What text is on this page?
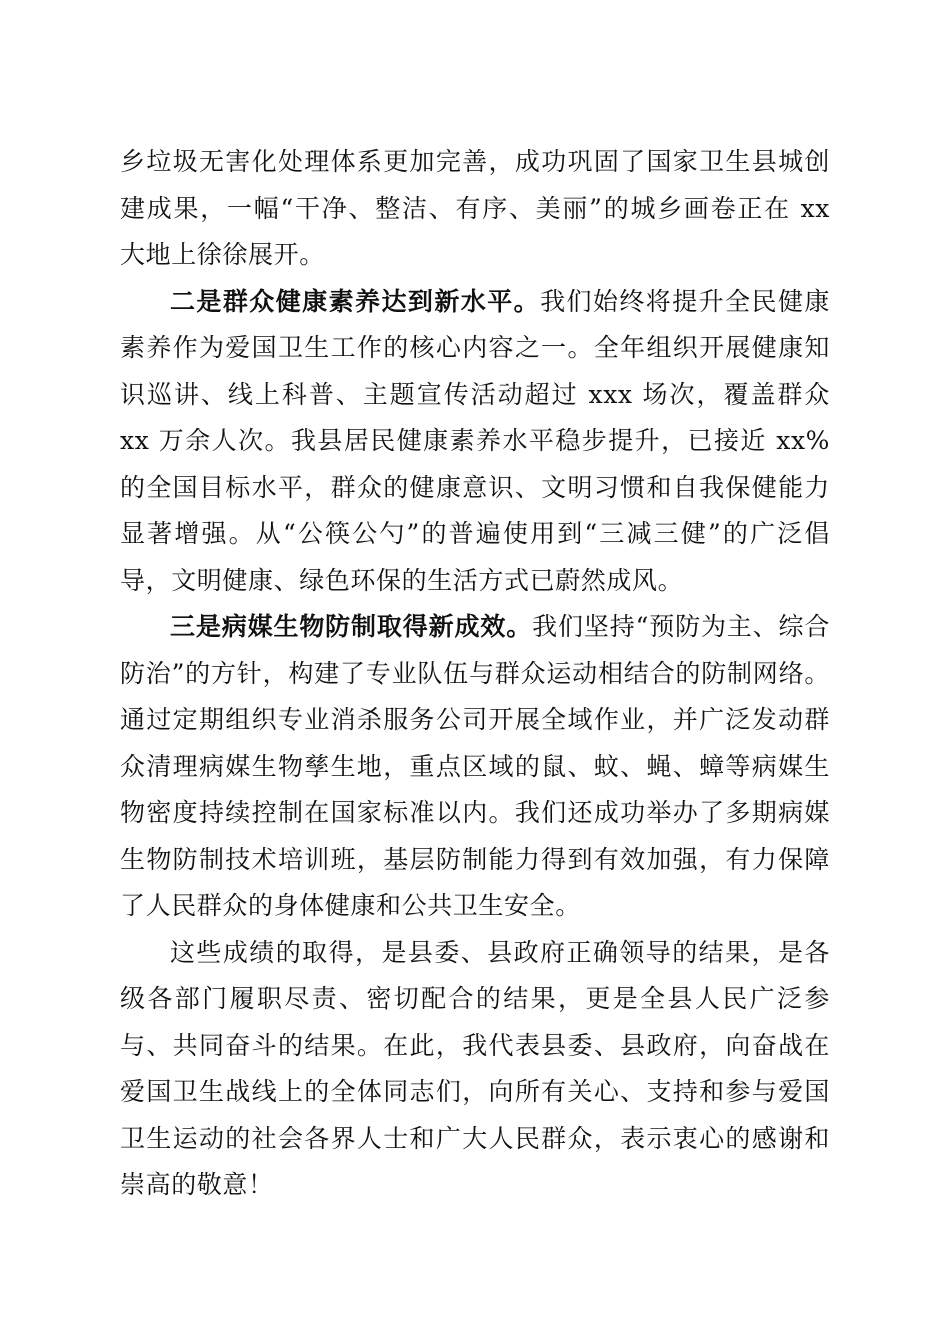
乡垃圾无害化处理体系更加完善，成功巩固了国家卫生县城创建成果，一幅“干净、整洁、有序、美丽”的城乡画卷正在 xx 大地上徐徐展开。

二是群众健康素养达到新水平。我们始终将提升全民健康素养作为爱国卫生工作的核心内容之一。全年组织开展健康知识巡讲、线上科普、主题宣传活动超过 xxx 场次，覆盖群众 xx 万余人次。我县居民健康素养水平稳步提升，已接近 xx%的全国目标水平，群众的健康意识、文明习惯和自我保健能力显著增强。从“公筷公勺”的普遍使用到“三减三健”的广泛倡导，文明健康、绿色环保的生活方式已蔚然成风。

三是病媒生物防制取得新成效。我们坚持“预防为主、综合防治”的方针，构建了专业队伍与群众运动相结合的防制网络。通过定期组织专业消杀服务公司开展全域作业，并广泛发动群众清理病媒生物孳生地，重点区域的鼠、蚊、蝇、蟑等病媒生物密度持续控制在国家标准以内。我们还成功举办了多期病媒生物防制技术培训班，基层防制能力得到有效加强，有力保障了人民群众的身体健康和公共卫生安全。

这些成绩的取得，是县委、县政府正确领导的结果，是各级各部门履职尽责、密切配合的结果，更是全县人民广泛参与、共同奋斗的结果。在此，我代表县委、县政府，向奋战在爱国卫生战线上的全体同志们，向所有关心、支持和参与爱国卫生运动的社会各界人士和广大人民群众，表示衷心的感谢和崇高的敬意！
